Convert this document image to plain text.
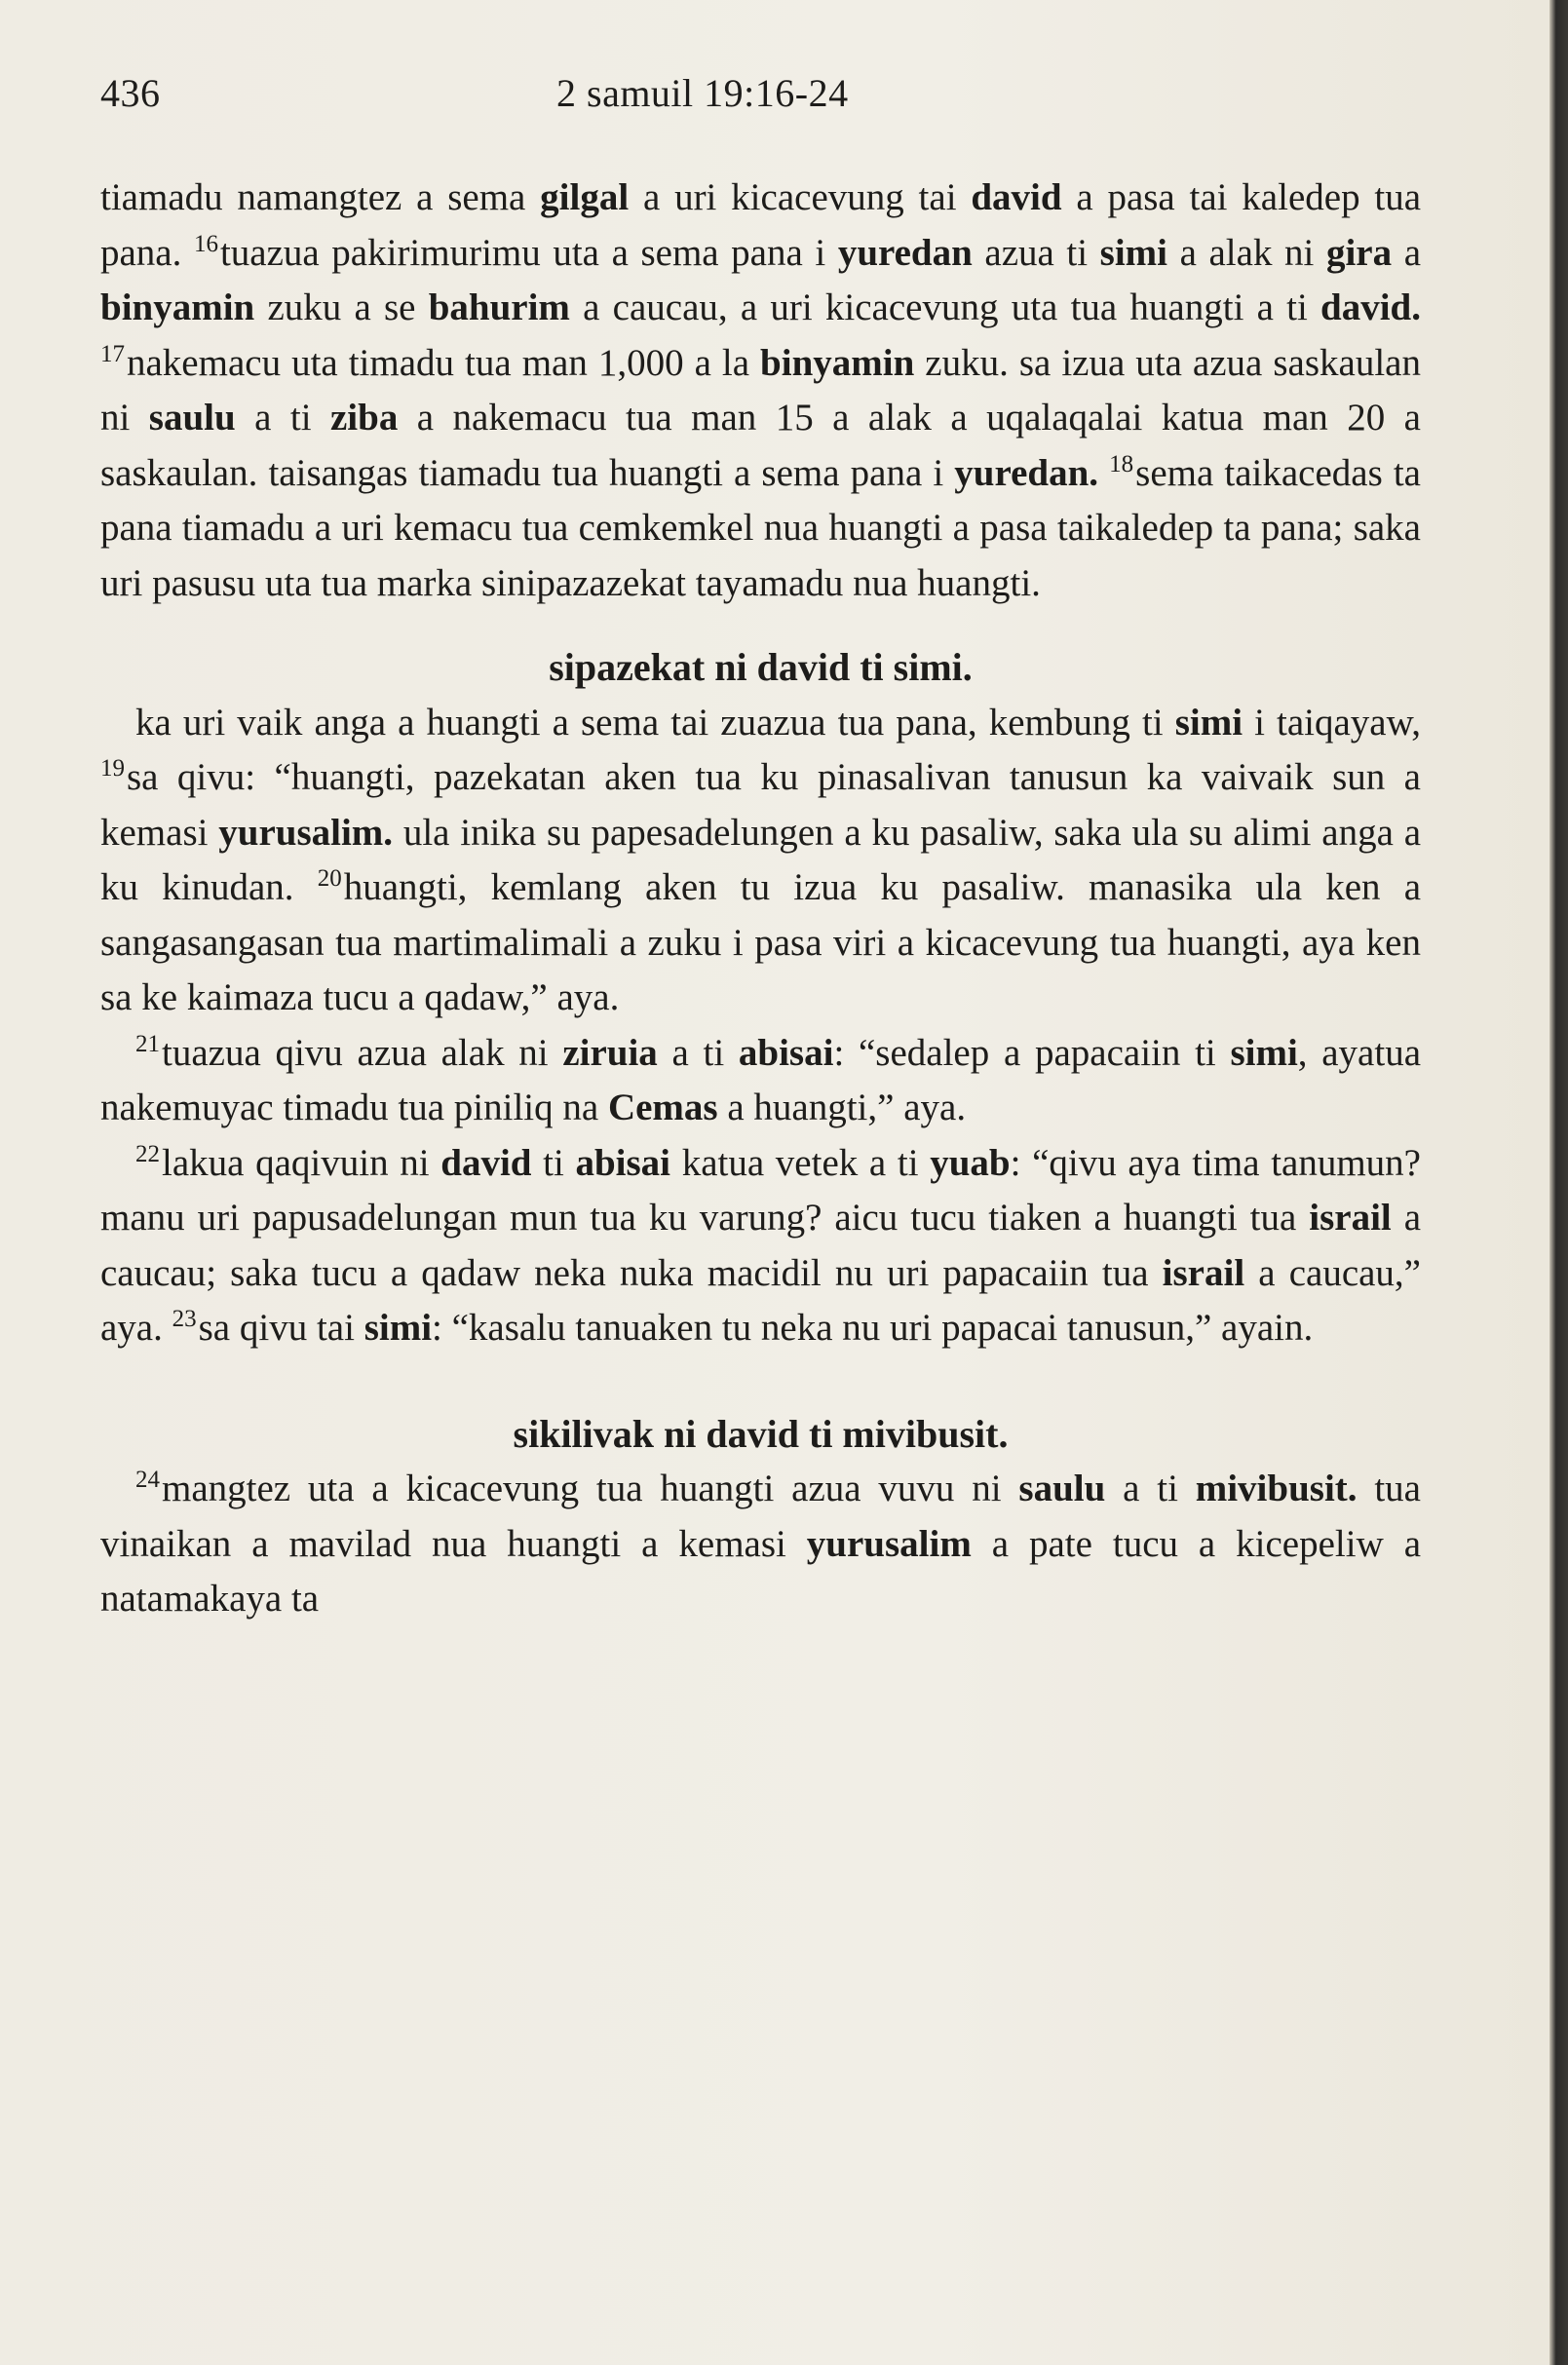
436	2 samuil 19:16-24

tiamadu namangtez a sema gilgal a uri kicacevung tai david a pasa tai kaledep tua pana. $^{16}$tuazua pakirimurimu uta a sema pana i yuredan azua ti simi a alak ni gira a binyamin zuku a se bahurim a caucau, a uri kicacevung uta tua huangti a ti david. $^{17}$nakemacu uta timadu tua man 1,000 a la binyamin zuku. sa izua uta azua saskaulan ni saulu a ti ziba a nakemacu tua man 15 a alak a uqalaqalai katua man 20 a saskaulan. taisangas tiamadu tua huangti a sema pana i yuredan. $^{18}$sema taikacedas ta pana tiamadu a uri kemacu tua cemkemkel nua huangti a pasa taikaledep ta pana; saka uri pasusu uta tua marka sinipazazekat tayamadu nua huangti.

sipazekat ni david ti simi.

ka uri vaik anga a huangti a sema tai zuazua tua pana, kembung ti simi i taiqayaw, $^{19}$sa qivu: “huangti, pazekatan aken tua ku pinasalivan tanusun ka vaivaik sun a kemasi yurusalim. ula inika su papesadelungen a ku pasaliw, saka ula su alimi anga a ku kinudan. $^{20}$huangti, kemlang aken tu izua ku pasaliw. manasika ula ken a sangasangasan tua martimalimali a zuku i pasa viri a kicacevung tua huangti, aya ken sa ke kaimaza tucu a qadaw,” aya.

$^{21}$tuazua qivu azua alak ni ziruia a ti abisai: “sedalep a papacaiin ti simi, ayatua nakemuyac timadu tua piniliq na Cemas a huangti,” aya.

$^{22}$lakua qaqivuin ni david ti abisai katua vetek a ti yuab: “qivu aya tima tanumun? manu uri papusadelungan mun tua ku varung? aicu tucu tiaken a huangti tua israil a caucau; saka tucu a qadaw neka nuka macidil nu uri papacaiin tua israil a caucau,” aya. $^{23}$sa qivu tai simi: “kasalu tanuaken tu neka nu uri papacai tanusun,” ayain.

sikilivak ni david ti mivibusit.

$^{24}$mangtez uta a kicacevung tua huangti azua vuvu ni saulu a ti mivibusit. tua vinaikan a mavilad nua huangti a kemasi yurusalim a pate tucu a kicepeliw a natamakaya ta
